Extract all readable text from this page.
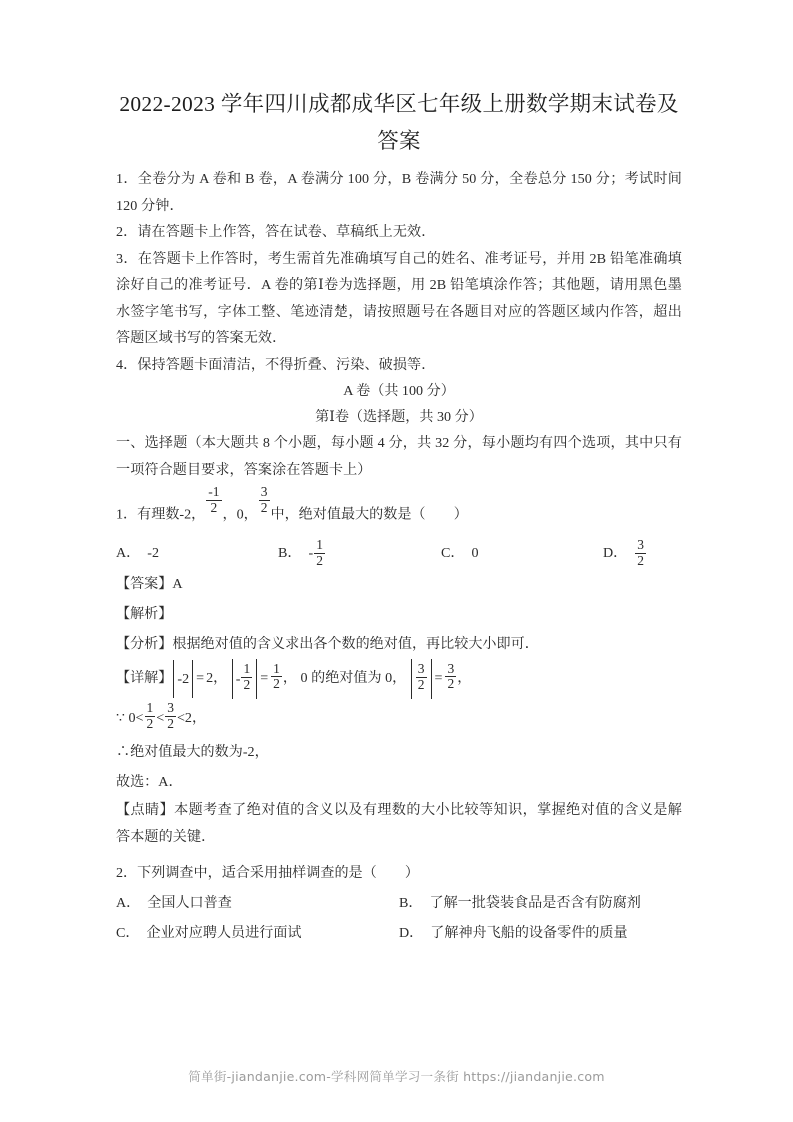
2022-2023 学年四川成都成华区七年级上册数学期末试卷及答案

1．全卷分为 A 卷和 B 卷，A 卷满分 100 分，B 卷满分 50 分，全卷总分 150 分；考试时间 120 分钟．

2．请在答题卡上作答，答在试卷、草稿纸上无效．

3．在答题卡上作答时，考生需首先准确填写自己的姓名、准考证号，并用 2B 铅笔准确填涂好自己的准考证号．A 卷的第Ⅰ卷为选择题，用 2B 铅笔填涂作答；其他题，请用黑色墨水签字笔书写，字体工整、笔迹清楚，请按照题号在各题目对应的答题区域内作答，超出答题区域书写的答案无效．

4．保持答题卡面清洁，不得折叠、污染、破损等．

A 卷（共 100 分）

第Ⅰ卷（选择题，共 30 分）

一、选择题（本大题共 8 个小题，每小题 4 分，共 32 分，每小题均有四个选项，其中只有一项符合题目要求，答案涂在答题卡上）

1．有理数-2， $\frac{-1}{2}$ ，0， $\frac{3}{2}$ 中，绝对值最大的数是（　　）

A． -2	B． - $\frac{1}{2}$	C． 0	D． $\frac{3}{2}$

【答案】A

【解析】

【分析】根据绝对值的含义求出各个数的绝对值，再比较大小即可．

【详解】 -2 = 2， - $\frac{1}{2} = \frac{1}{2}$ ， 0 的绝对值为 0， $\frac{3}{2} = \frac{3}{2}$ ，

∵ $0< \frac{1}{2} < \frac{3}{2} <2$，

∴绝对值最大的数为-2，

故选：A．

【点睛】本题考查了绝对值的含义以及有理数的大小比较等知识，掌握绝对值的含义是解答本题的关键．

2．下列调查中，适合采用抽样调查的是（　　）

A． 全国人口普查	B． 了解一批袋装食品是否含有防腐剂
C． 企业对应聘人员进行面试	D． 了解神舟飞船的设备零件的质量
简单街-jiandanjie.com-学科网简单学习一条街 https://jiandanjie.com
